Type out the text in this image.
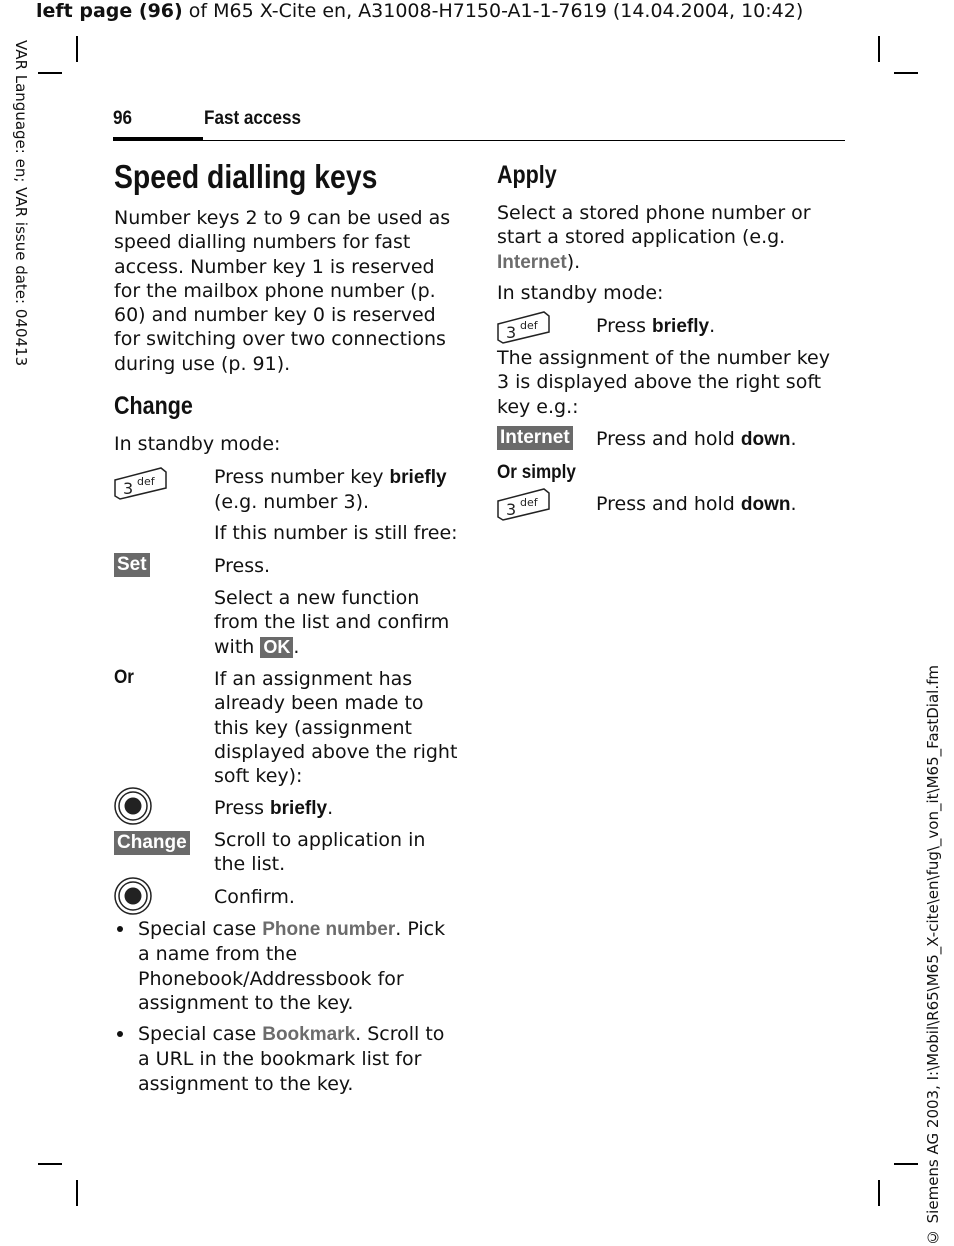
left page (96) of M65 X-Cite en, A31008-H7150-A1-1-7619 (14.04.2004, 10:42)
VAR Language: en; VAR issue date: 040413
© Siemens AG 2003, I:\Mobil\R65\M65_X-cite\en\fug\_von_it\M65_FastDial.fm
96	Fast access
Speed dialling keys
Number keys 2 to 9 can be used as speed dialling numbers for fast access. Number key 1 is reserved for the mailbox phone number (p. 60) and number key 0 is reserved for switching over two connections during use (p. 91).
Change
In standby mode:
3 def	Press number key briefly
(e.g. number 3).
If this number is still free:
Set	Press.
Select a new function from the list and confirm with OK .
Or	If an assignment has already been made to this key (assignment displayed above the right soft key):
Press briefly.
Change Scroll to application in the list.
Confirm.
Special case Phone number. Pick a name from the Phonebook/Addressbook for assignment to the key.
Special case Bookmark. Scroll to a URL in the bookmark list for assignment to the key.
Apply
Select a stored phone number or start a stored application (e.g. Internet).
In standby mode:
3 def	Press briefly.
The assignment of the number key 3 is displayed above the right soft key e.g.:
Internet Press and hold down.
Or simply
3 def	Press and hold down.
